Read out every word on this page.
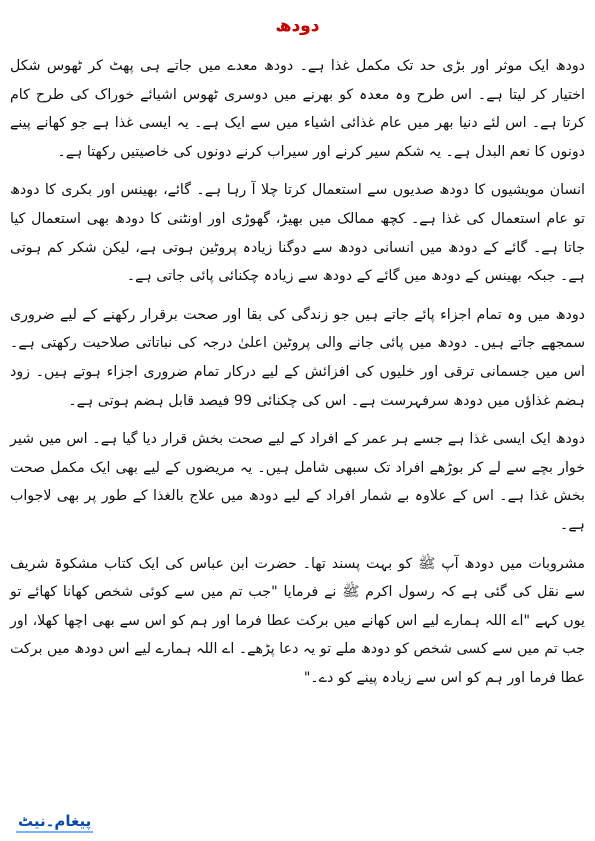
دودھ

دودھ ایک موثر اور بڑی حد تک مکمل غذا ہے۔ دودھ معدے میں جاتے ہی پھٹ کر ٹھوس شکل اختیار کر لیتا ہے۔ اس طرح وہ معدہ کو بھرنے میں دوسری ٹھوس اشیائے خوراک کی طرح کام کرتا ہے۔ اس لئے دنیا بھر میں عام غذائی اشیاء میں سے ایک ہے۔ یہ ایسی غذا ہے جو کھانے پینے دونوں کا نعم البدل ہے۔ یہ شکم سیر کرنے اور سیراب کرنے دونوں کی خاصیتیں رکھتا ہے۔

انسان مویشیوں کا دودھ صدیوں سے استعمال کرتا چلا آ رہا ہے۔ گائے، بھینس اور بکری کا دودھ تو عام استعمال کی غذا ہے۔ کچھ ممالک میں بھیڑ، گھوڑی اور اونٹنی کا دودھ بھی استعمال کیا جاتا ہے۔ گائے کے دودھ میں انسانی دودھ سے دوگنا زیادہ پروٹین ہوتی ہے، لیکن شکر کم ہوتی ہے۔ جبکہ بھینس کے دودھ میں گائے کے دودھ سے زیادہ چکنائی پائی جاتی ہے۔

دودھ میں وہ تمام اجزاء پائے جاتے ہیں جو زندگی کی بقا اور صحت برقرار رکھنے کے لیے ضروری سمجھے جاتے ہیں۔ دودھ میں پائی جانے والی پروٹین اعلیٰ درجہ کی نباتاتی صلاحیت رکھتی ہے۔ اس میں جسمانی ترقی اور خلیوں کی افزائش کے لیے درکار تمام ضروری اجزاء ہوتے ہیں۔ زود ہضم غذاؤں میں دودھ سرفہرست ہے۔ اس کی چکنائی 99 فیصد قابل ہضم ہوتی ہے۔

دودھ ایک ایسی غذا ہے جسے ہر عمر کے افراد کے لیے صحت بخش قرار دیا گیا ہے۔ اس میں شیر خوار بچے سے لے کر بوڑھے افراد تک سبھی شامل ہیں۔ یہ مریضوں کے لیے بھی ایک مکمل صحت بخش غذا ہے۔ اس کے علاوہ بے شمار افراد کے لیے دودھ میں علاج بالغذا کے طور پر بھی لاجواب ہے۔

مشروبات میں دودھ آپ ﷺ کو بہت پسند تھا۔ حضرت ابن عباس کی ایک کتاب مشکوۃ شریف سے نقل کی گئی ہے کہ رسول اکرم ﷺ نے فرمایا "جب تم میں سے کوئی شخص کھانا کھائے تو یوں کہے "اے اللہ ہمارے لیے اس کھانے میں برکت عطا فرما اور ہم کو اس سے بھی اچھا کھلا، اور جب تم میں سے کسی شخص کو دودھ ملے تو یہ دعا پڑھے۔ اے اللہ ہمارے لیے اس دودھ میں برکت عطا فرما اور ہم کو اس سے زیادہ پینے کو دے۔"

پیغام۔نیٹ
